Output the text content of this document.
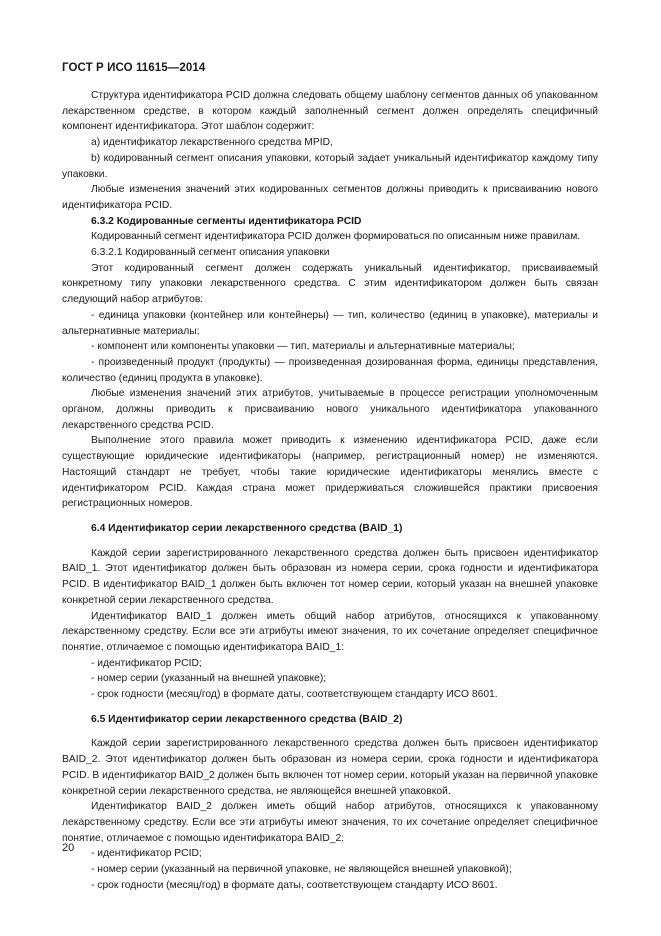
ГОСТ Р ИСО 11615—2014

Структура идентификатора PCID должна следовать общему шаблону сегментов данных об упакованном лекарственном средстве, в котором каждый заполненный сегмент должен определять специфичный компонент идентификатора. Этот шаблон содержит:

а) идентификатор лекарственного средства MPID,

b) кодированный сегмент описания упаковки, который задает уникальный идентификатор каждому типу упаковки.

Любые изменения значений этих кодированных сегментов должны приводить к присваиванию нового идентификатора PCID.

6.3.2 Кодированные сегменты идентификатора PCID

Кодированный сегмент идентификатора PCID должен формироваться по описанным ниже правилам.

6.3.2.1 Кодированный сегмент описания упаковки

Этот кодированный сегмент должен содержать уникальный идентификатор, присваиваемый конкретному типу упаковки лекарственного средства. С этим идентификатором должен быть связан следующий набор атрибутов:

- единица упаковки (контейнер или контейнеры) — тип, количество (единиц в упаковке), материалы и альтернативные материалы;

- компонент или компоненты упаковки — тип, материалы и альтернативные материалы;

- произведенный продукт (продукты) — произведенная дозированная форма, единицы представления, количество (единиц продукта в упаковке).

Любые изменения значений этих атрибутов, учитываемые в процессе регистрации уполномоченным органом, должны приводить к присваиванию нового уникального идентификатора упакованного лекарственного средства PCID.

Выполнение этого правила может приводить к изменению идентификатора PCID, даже если существующие юридические идентификаторы (например, регистрационный номер) не изменяются. Настоящий стандарт не требует, чтобы такие юридические идентификаторы менялись вместе с идентификатором PCID. Каждая страна может придерживаться сложившейся практики присвоения регистрационных номеров.

6.4 Идентификатор серии лекарственного средства (BAID_1)

Каждой серии зарегистрированного лекарственного средства должен быть присвоен идентификатор BAID_1. Этот идентификатор должен быть образован из номера серии, срока годности и идентификатора PCID. В идентификатор BAID_1 должен быть включен тот номер серии, который указан на внешней упаковке конкретной серии лекарственного средства.

Идентификатор BAID_1 должен иметь общий набор атрибутов, относящихся к упакованному лекарственному средству. Если все эти атрибуты имеют значения, то их сочетание определяет специфичное понятие, отличаемое с помощью идентификатора BAID_1:

- идентификатор PCID;

- номер серии (указанный на внешней упаковке);

- срок годности (месяц/год) в формате даты, соответствующем стандарту ИСО 8601.

6.5 Идентификатор серии лекарственного средства (BAID_2)

Каждой серии зарегистрированного лекарственного средства должен быть присвоен идентификатор BAID_2. Этот идентификатор должен быть образован из номера серии, срока годности и идентификатора PCID. В идентификатор BAID_2 должен быть включен тот номер серии, который указан на первичной упаковке конкретной серии лекарственного средства, не являющейся внешней упаковкой.

Идентификатор BAID_2 должен иметь общий набор атрибутов, относящихся к упакованному лекарственному средству. Если все эти атрибуты имеют значения, то их сочетание определяет специфичное понятие, отличаемое с помощью идентификатора BAID_2:

- идентификатор PCID;

- номер серии (указанный на первичной упаковке, не являющейся внешней упаковкой);

- срок годности (месяц/год) в формате даты, соответствующем стандарту ИСО 8601.

20
